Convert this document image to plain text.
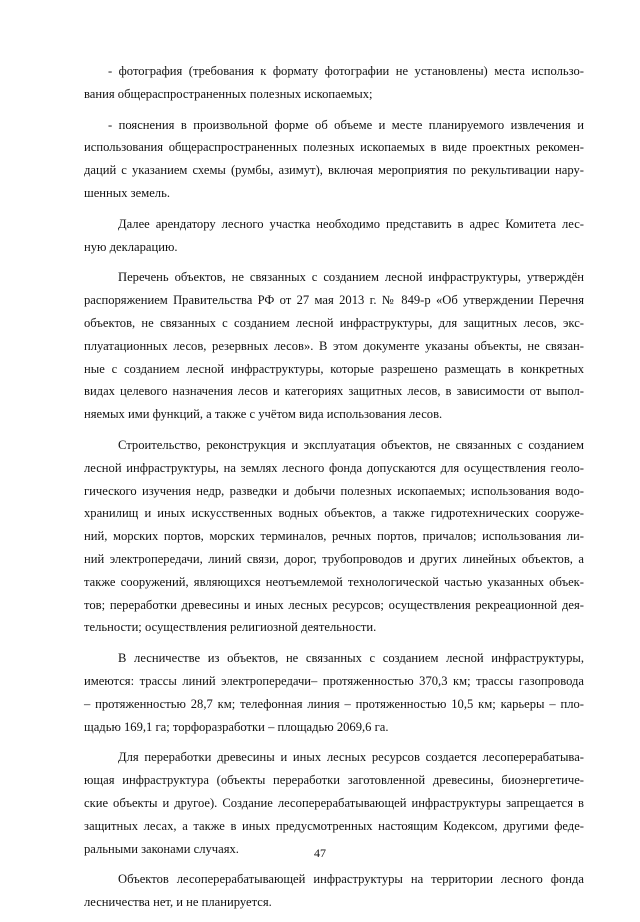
- фотография (требования к формату фотографии не установлены) места использо-
вания общераспространенных полезных ископаемых;
- пояснения в произвольной форме об объеме и месте планируемого извлечения и
использования общераспространенных полезных ископаемых в виде проектных рекомен-
даций с указанием схемы (румбы, азимут), включая мероприятия по рекультивации нару-
шенных земель.
Далее арендатору лесного участка необходимо представить в адрес Комитета лес-
ную декларацию.
Перечень объектов, не связанных с созданием лесной инфраструктуры, утверждён
распоряжением Правительства РФ от 27 мая 2013 г. № 849-р «Об утверждении Перечня
объектов, не связанных с созданием лесной инфраструктуры, для защитных лесов, экс-
плуатационных лесов, резервных лесов». В этом документе указаны объекты, не связан-
ные с созданием лесной инфраструктуры, которые разрешено размещать в конкретных
видах целевого назначения лесов и категориях защитных лесов, в зависимости от выпол-
няемых ими функций, а также с учётом вида использования лесов.
Строительство, реконструкция и эксплуатация объектов, не связанных с созданием
лесной инфраструктуры, на землях лесного фонда допускаются для осуществления геоло-
гического изучения недр, разведки и добычи полезных ископаемых; использования водо-
хранилищ и иных искусственных водных объектов, а также гидротехнических сооруже-
ний, морских портов, морских терминалов, речных портов, причалов; использования ли-
ний электропередачи, линий связи, дорог, трубопроводов и других линейных объектов, а
также сооружений, являющихся неотъемлемой технологической частью указанных объек-
тов; переработки древесины и иных лесных ресурсов; осуществления рекреационной дея-
тельности; осуществления религиозной деятельности.
В лесничестве из объектов, не связанных с созданием лесной инфраструктуры,
имеются: трассы линий электропередачи– протяженностью 370,3 км; трассы газопровода
– протяженностью 28,7 км; телефонная линия – протяженностью 10,5 км; карьеры – пло-
щадью 169,1 га; торфоразработки – площадью 2069,6 га.
Для переработки древесины и иных лесных ресурсов создается лесоперерабатыва-
ющая инфраструктура (объекты переработки заготовленной древесины, биоэнергетиче-
ские объекты и другое). Создание лесоперерабатывающей инфраструктуры запрещается в
защитных лесах, а также в иных предусмотренных настоящим Кодексом, другими феде-
ральными законами случаях.
Объектов лесоперерабатывающей инфраструктуры на территории лесного фонда
лесничества нет, и не планируется.
47
